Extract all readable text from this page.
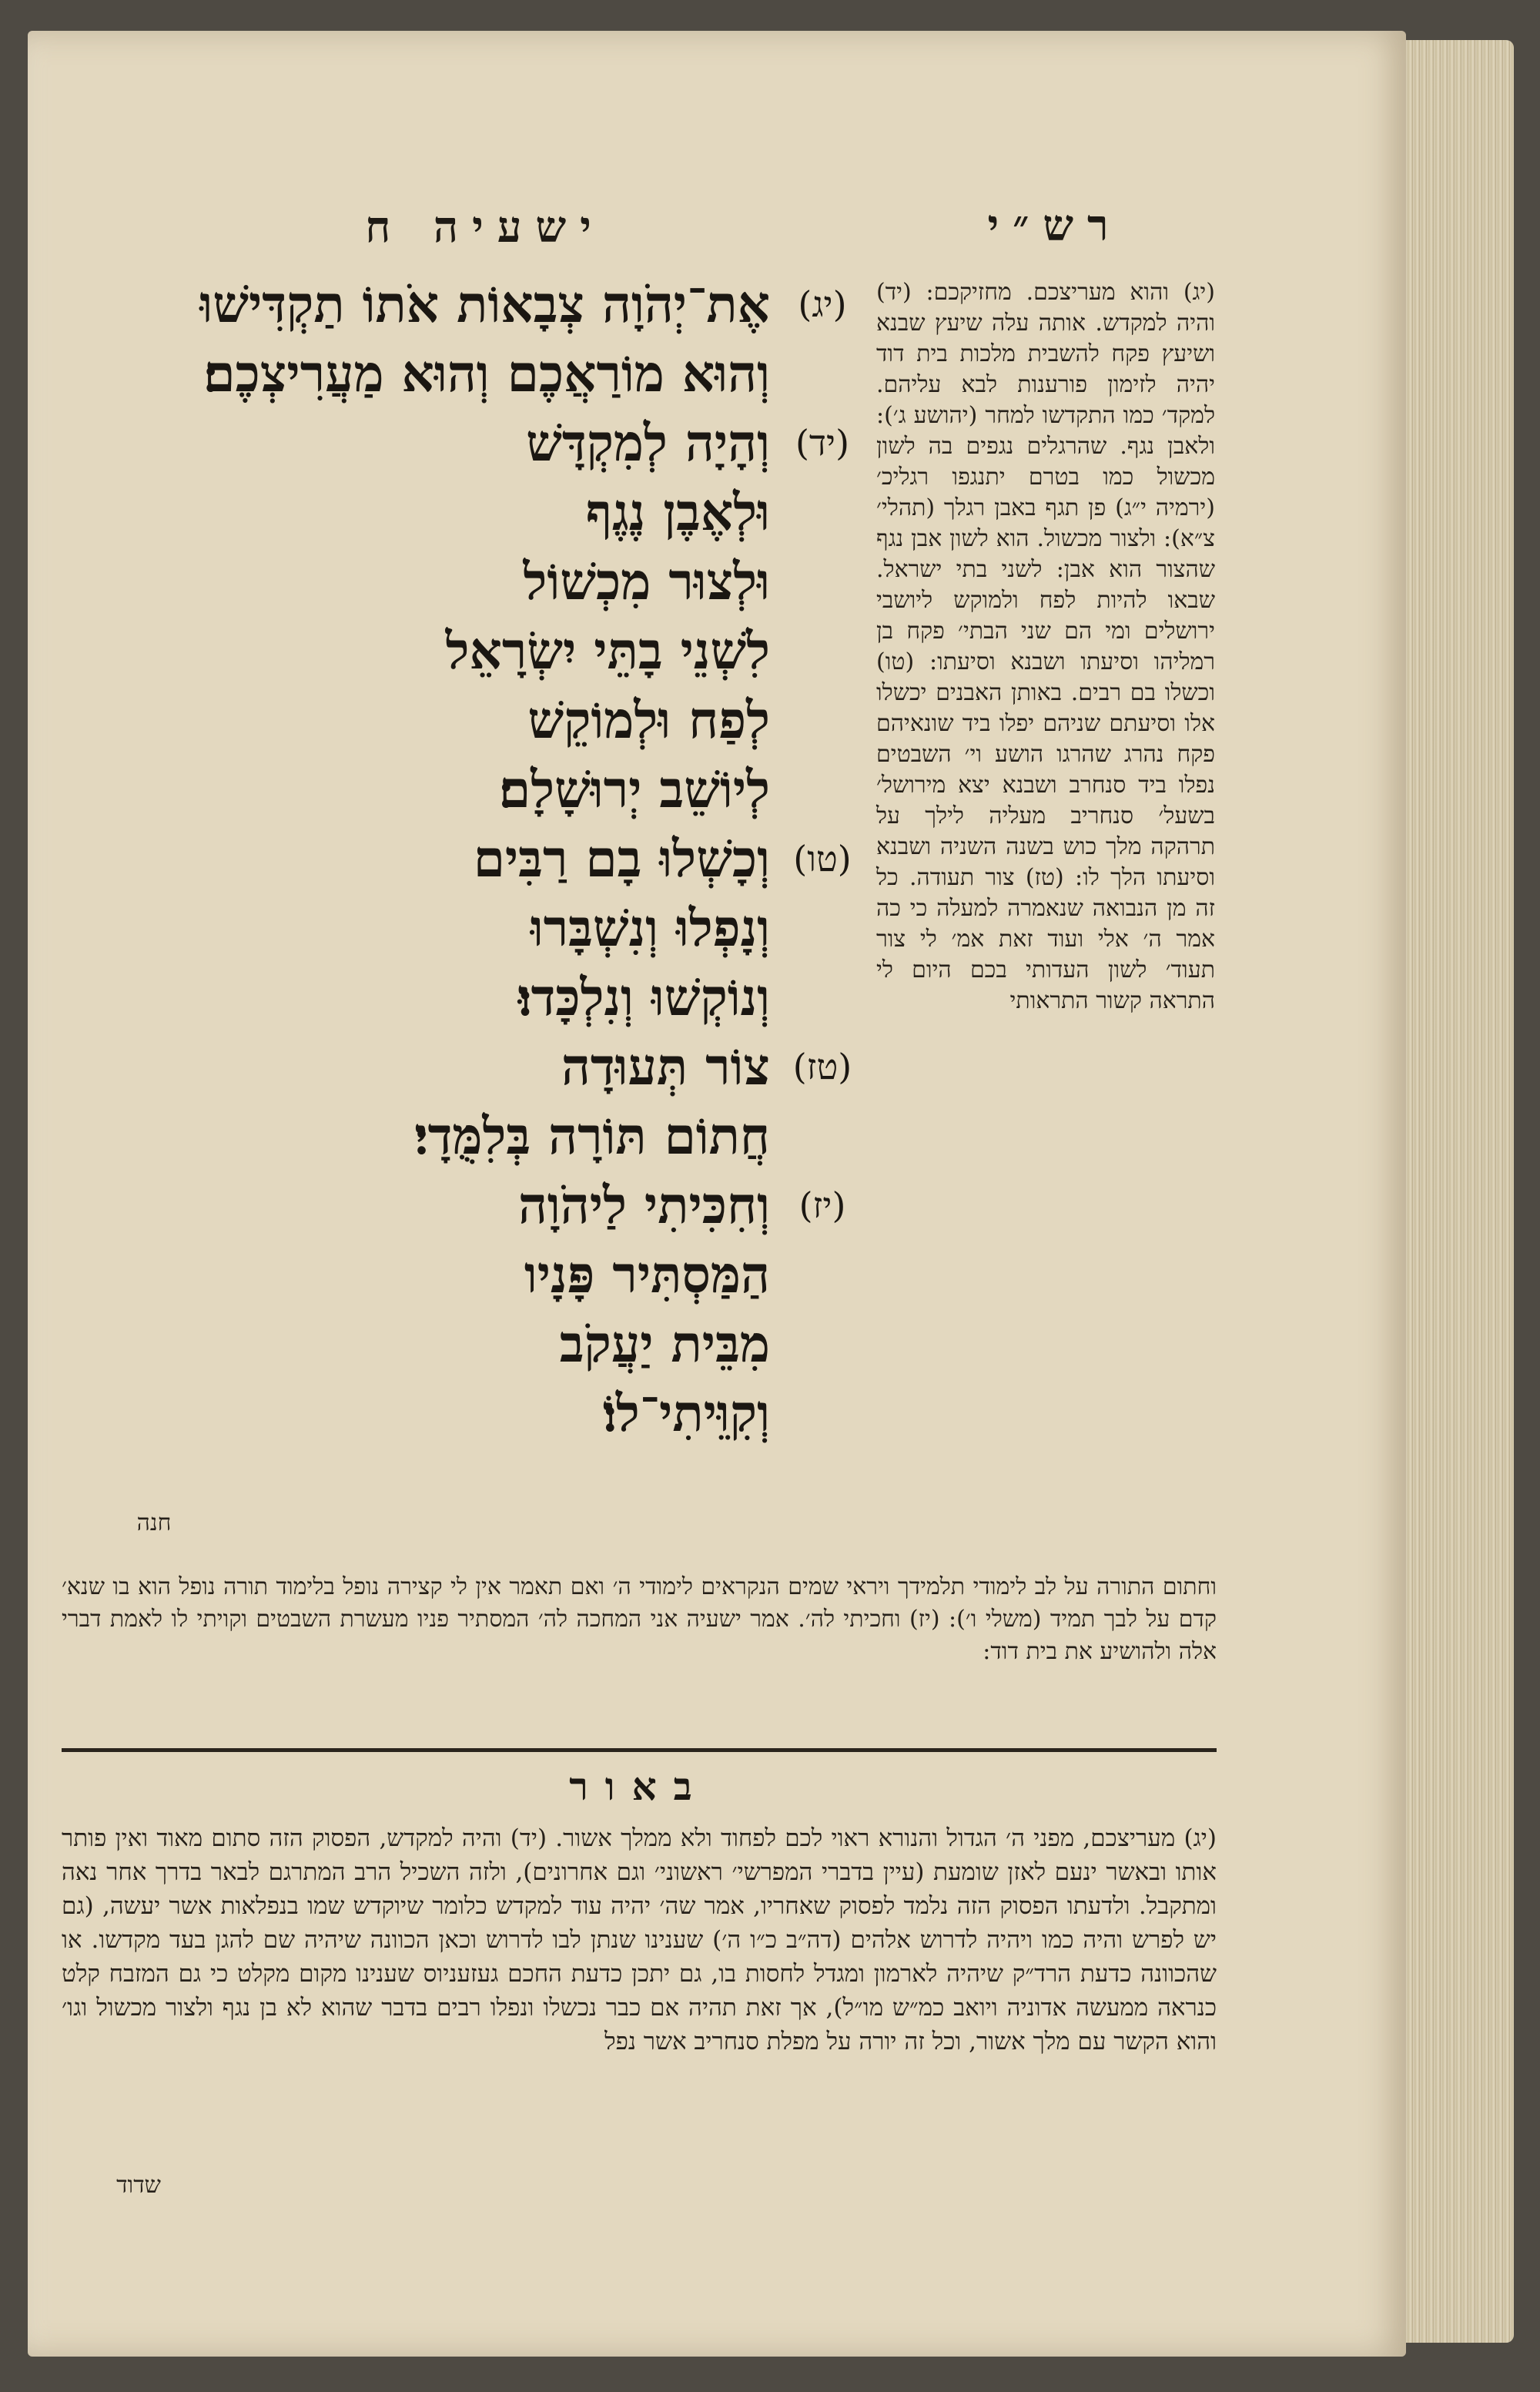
רש״י
ישעיה ח
(יג)
אֶת־יְהֹוָה צְבָאוֹת אֹתוֹ תַקְדִּישׁוּ
וְהוּא מוֹרַאֲכֶם וְהוּא מַעֲרִיצְכֶם׃
(יד)
וְהָיָה לְמִקְדָּשׁ
וּלְאֶבֶן נֶגֶף
וּלְצוּר מִכְשׁוֹל
לִשְׁנֵי בָתֵּי יִשְׂרָאֵל
לְפַח וּלְמוֹקֵשׁ
לְיוֹשֵׁב יְרוּשָׁלָם׃
(טו)
וְכָשְׁלוּ בָם רַבִּים
וְנָפְלוּ וְנִשְׁבָּרוּ
וְנוֹקְשׁוּ וְנִלְכָּדוּ׃
(טז)
צוֹר תְּעוּדָה
חֲתוֹם תּוֹרָה בְּלִמֻּדָי׃
(יז)
וְחִכִּיתִי לַיהֹוָה
הַמַּסְתִּיר פָּנָיו
מִבֵּית יַעֲקֹב
וְקִוֵּיתִי־לוֹ׃

(יג) והוא מעריצכם. מחזיקכם: (יד) והיה למקדש. אותה עלה שיעץ שבנא ושיעץ פקח להשבית מלכות בית דוד יהיה לזימון פורענות לבא עליהם. למקד׳ כמו התקדשו למחר (יהושע ג׳): ולאבן נגף. שהרגלים נגפים בה לשון מכשול כמו בטרם יתנגפו רגליכ׳ (ירמיה י״ג) פן תגף באבן רגלך (תהלי׳ צ״א): ולצור מכשול. הוא לשון אבן נגף שהצור הוא אבן: לשני בתי ישראל. שבאו להיות לפח ולמוקש ליושבי ירושלים ומי הם שני הבתי׳ פקח בן רמליהו וסיעתו ושבנא וסיעתו: (טו) וכשלו בם רבים. באותן האבנים יכשלו אלו וסיעתם שניהם יפלו ביד שונאיהם פקח נהרג שהרגו הושע וי׳ השבטים נפלו ביד סנחרב ושבנא יצא מירושל׳ בשעל׳ סנחריב מעליה לילך על תרהקה מלך כוש בשנה השניה ושבנא וסיעתו הלך לו: (טז) צור תעודה. כל זה מן הנבואה שנאמרה למעלה כי כה אמר ה׳ אלי ועוד זאת אמ׳ לי צור תעוד׳ לשון העדותי בכם היום לי התראה קשור התראותי

חנה

וחתום התורה על לב לימודי תלמידך ויראי שמים הנקראים לימודי ה׳ ואם תאמר אין לי קצירה נופל בלימוד תורה נופל הוא בו שנא׳ קדם על לבך תמיד (משלי ו׳): (יז) וחכיתי לה׳. אמר ישעיה אני המחכה לה׳ המסתיר פניו מעשרת השבטים וקויתי לו לאמת דברי אלה ולהושיע את בית דוד:

באור

(יג) מעריצכם, מפני ה׳ הגדול והנורא ראוי לכם לפחוד ולא ממלך אשור. (יד) והיה למקדש, הפסוק הזה סתום מאוד ואין פותר אותו ובאשר ינעם לאזן שומעת (עיין בדברי המפרשי׳ ראשוני׳ וגם אחרונים), ולזה השכיל הרב המתרגם לבאר בדרך אחר נאה ומתקבל. ולדעתו הפסוק הזה נלמד לפסוק שאחריו, אמר שה׳ יהיה עוד למקדש כלומר שיוקדש שמו בנפלאות אשר יעשה, (גם יש לפרש והיה כמו ויהיה לדרוש אלהים (דה״ב כ״ו ה׳) שענינו שנתן לבו לדרוש וכאן הכוונה שיהיה שם להגן בעד מקדשו. או שהכוונה כדעת הרד״ק שיהיה לארמון ומגדל לחסות בו, גם יתכן כדעת החכם געזעניוס שענינו מקום מקלט כי גם המזבח קלט כנראה ממעשה אדוניה ויואב כמ״ש מו״ל), אך זאת תהיה אם כבר נכשלו ונפלו רבים בדבר שהוא לא בן נגף ולצור מכשול וגו׳ והוא הקשר עם מלך אשור, וכל זה יורה על מפלת סנחריב אשר נפל

שדוד
